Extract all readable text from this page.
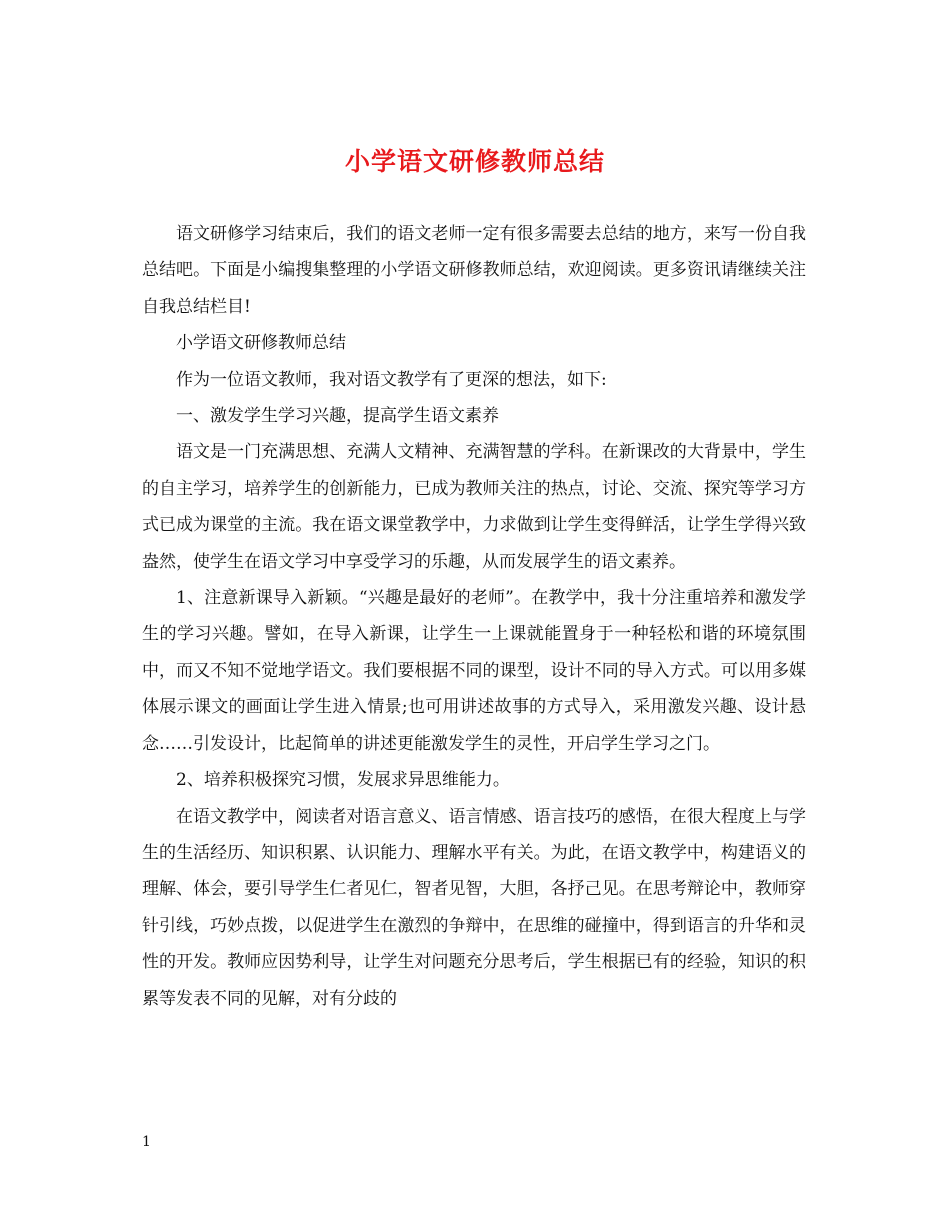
小学语文研修教师总结

语文研修学习结束后，我们的语文老师一定有很多需要去总结的地方，来写一份自我总结吧。下面是小编搜集整理的小学语文研修教师总结，欢迎阅读。更多资讯请继续关注自我总结栏目!

小学语文研修教师总结

作为一位语文教师，我对语文教学有了更深的想法，如下:

一、激发学生学习兴趣，提高学生语文素养

语文是一门充满思想、充满人文精神、充满智慧的学科。在新课改的大背景中，学生的自主学习，培养学生的创新能力，已成为教师关注的热点，讨论、交流、探究等学习方式已成为课堂的主流。我在语文课堂教学中，力求做到让学生变得鲜活，让学生学得兴致盎然，使学生在语文学习中享受学习的乐趣，从而发展学生的语文素养。

1、注意新课导入新颖。“兴趣是最好的老师”。在教学中，我十分注重培养和激发学生的学习兴趣。譬如，在导入新课，让学生一上课就能置身于一种轻松和谐的环境氛围中，而又不知不觉地学语文。我们要根据不同的课型，设计不同的导入方式。可以用多媒体展示课文的画面让学生进入情景;也可用讲述故事的方式导入，采用激发兴趣、设计悬念……引发设计，比起简单的讲述更能激发学生的灵性，开启学生学习之门。

2、培养积极探究习惯，发展求异思维能力。

在语文教学中，阅读者对语言意义、语言情感、语言技巧的感悟，在很大程度上与学生的生活经历、知识积累、认识能力、理解水平有关。为此，在语文教学中，构建语义的理解、体会，要引导学生仁者见仁，智者见智，大胆，各抒己见。在思考辩论中，教师穿针引线，巧妙点拨，以促进学生在激烈的争辩中，在思维的碰撞中，得到语言的升华和灵性的开发。教师应因势利导，让学生对问题充分思考后，学生根据已有的经验，知识的积累等发表不同的见解，对有分歧的

1
